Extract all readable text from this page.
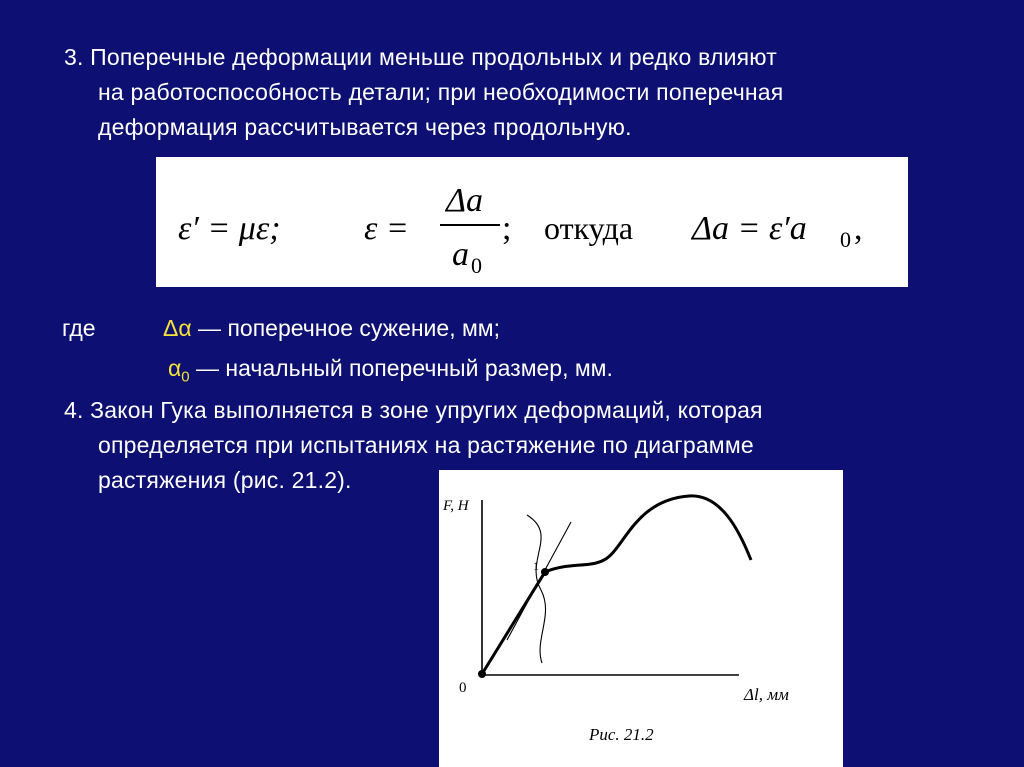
3. Поперечные деформации меньше продольных и редко влияют
на работоспособность детали; при необходимости поперечная
деформация рассчитывается через продольную.
ε′ = με; ε =
Δa
a 0
; откуда Δa = ε′a 0 ,
где	Δα — поперечное сужение, мм;
$\alpha_0$ — начальный поперечный размер, мм.
4. Закон Гука выполняется в зоне упругих деформаций, которая
определяется при испытаниях на растяжение по диаграмме
растяжения (рис. 21.2).
F, H
0
1
Δl, мм
Рис. 21.2
